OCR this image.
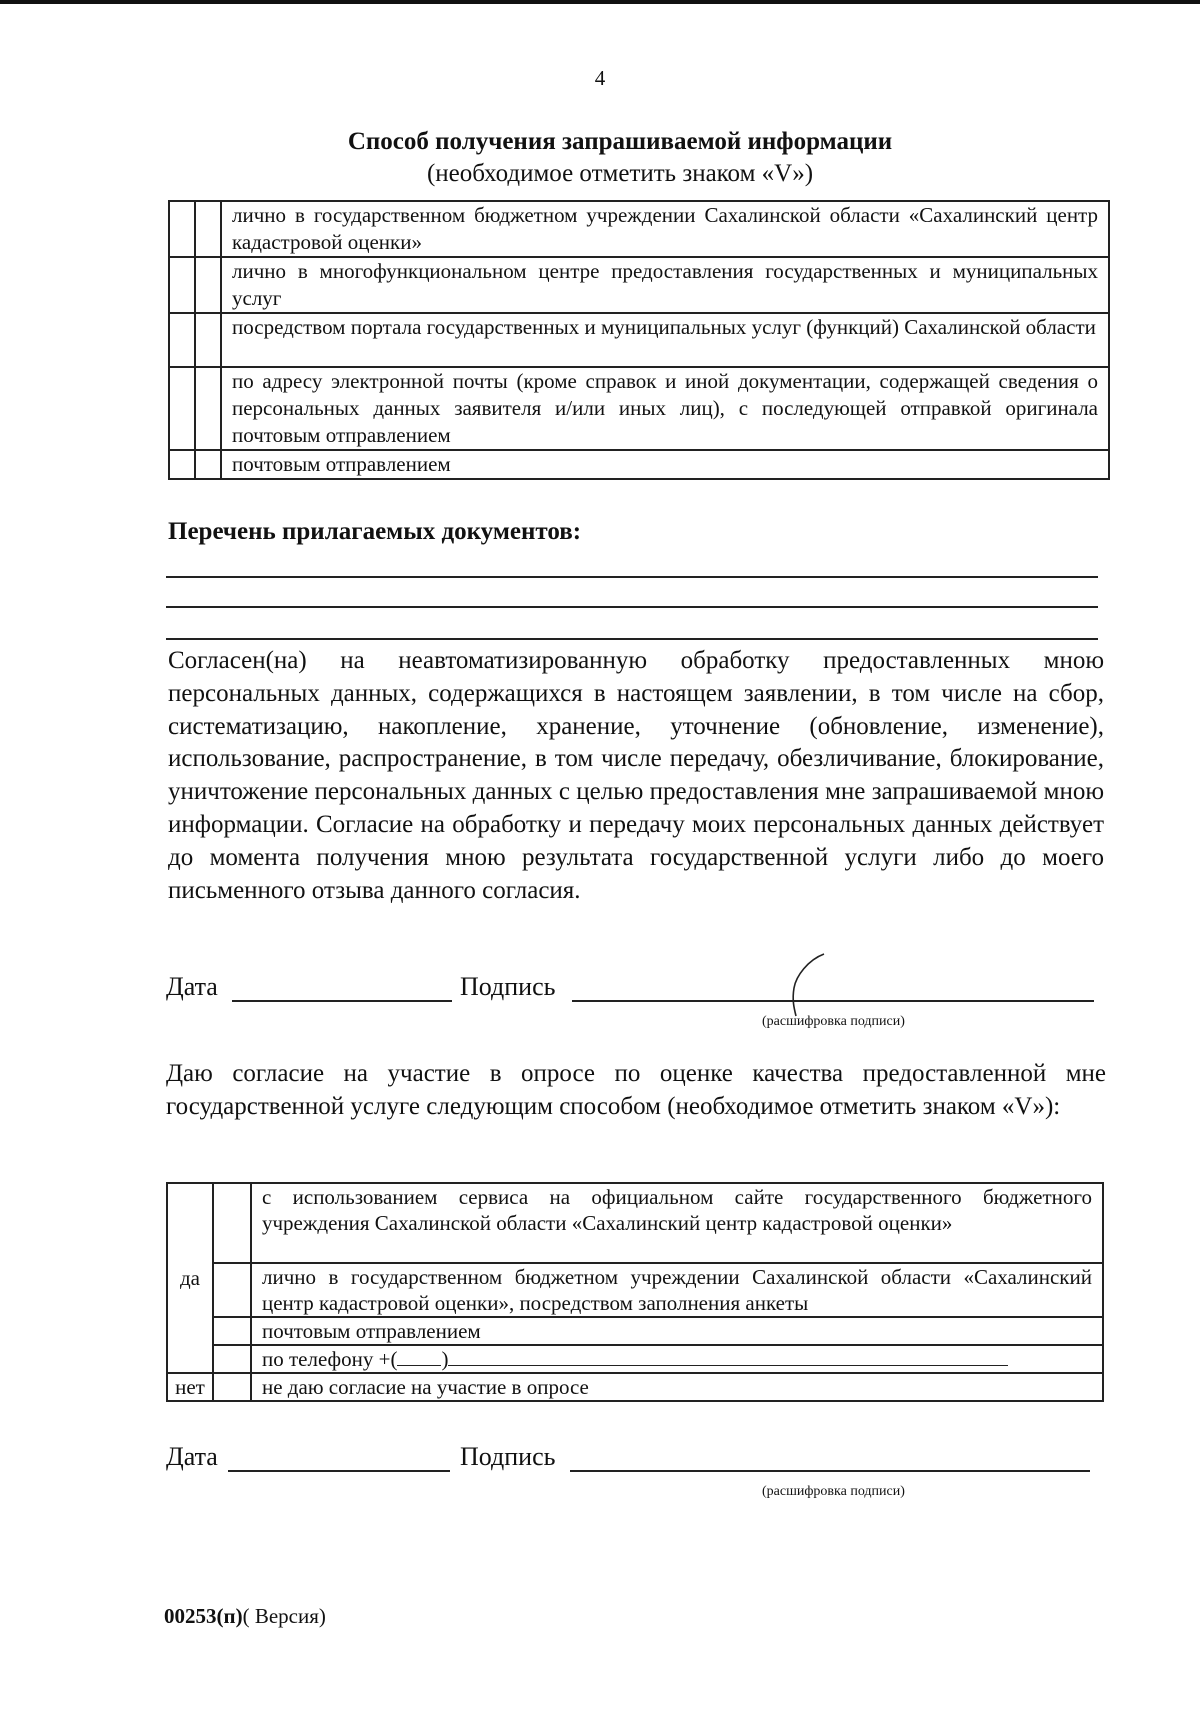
4
Способ получения запрашиваемой информации
(необходимое отметить знаком «V»)
		лично в государственном бюджетном учреждении Сахалинской области «Сахалинский центр кадастровой оценки»
		лично в многофункциональном центре предоставления государственных и муниципальных услуг
		посредством портала государственных и муниципальных услуг (функций) Сахалинской области
		по адресу электронной почты (кроме справок и иной документации, содержащей сведения о персональных данных заявителя и/или иных лиц), с последующей отправкой оригинала почтовым отправлением
		почтовым отправлением
Перечень прилагаемых документов:
Согласен(на) на неавтоматизированную обработку предоставленных мною персональных данных, содержащихся в настоящем заявлении, в том числе на сбор, систематизацию, накопление, хранение, уточнение (обновление, изменение), использование, распространение, в том числе передачу, обезличивание, блокирование, уничтожение персональных данных с целью предоставления мне запрашиваемой мною информации. Согласие на обработку и передачу моих персональных данных действует до момента получения мною результата государственной услуги либо до моего письменного отзыва данного согласия.
Дата	Подпись
(расшифровка подписи)
Даю согласие на участие в опросе по оценке качества предоставленной мне государственной услуге следующим способом (необходимое отметить знаком «V»):
да		с использованием сервиса на официальном сайте государственного бюджетного учреждения Сахалинской области «Сахалинский центр кадастровой оценки»
		лично в государственном бюджетном учреждении Сахалинской области «Сахалинский центр кадастровой оценки», посредством заполнения анкеты
		почтовым отправлением
		по телефону +( )
нет		не даю согласие на участие в опросе
Дата	Подпись
(расшифровка подписи)
00253(п)( Версия)
